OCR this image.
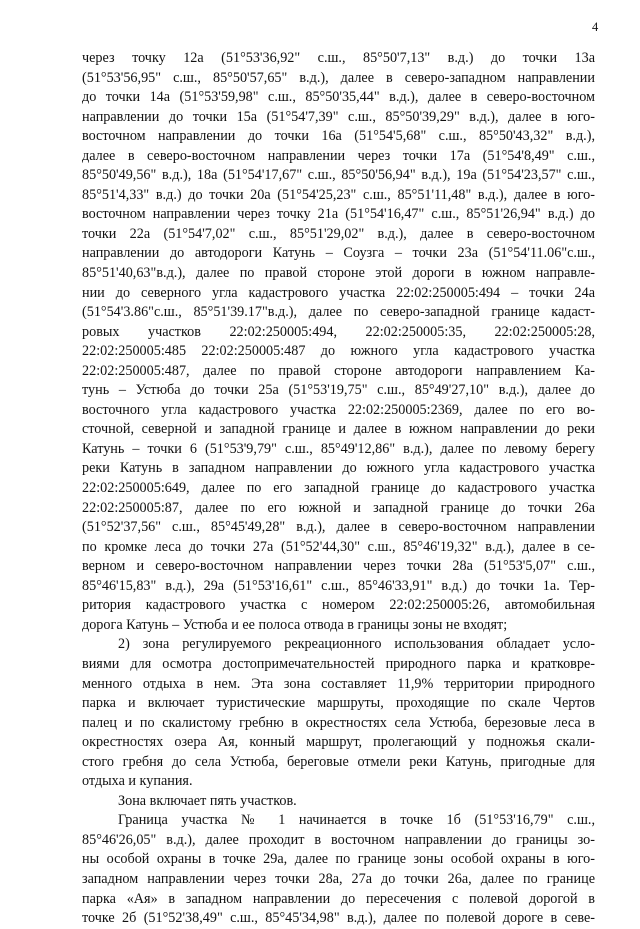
4

через точку 12а (51°53'36,92" с.ш., 85°50'7,13" в.д.) до точки 13а
(51°53'56,95" с.ш., 85°50'57,65" в.д.), далее в северо-западном направлении
до точки 14а (51°53'59,98" с.ш., 85°50'35,44" в.д.), далее в северо-восточном
направлении до точки 15а (51°54'7,39" с.ш., 85°50'39,29" в.д.), далее в юго-
восточном направлении до точки 16а (51°54'5,68" с.ш., 85°50'43,32" в.д.),
далее в северо-восточном направлении через точки 17а (51°54'8,49" с.ш.,
85°50'49,56" в.д.), 18а (51°54'17,67" с.ш., 85°50'56,94" в.д.), 19а (51°54'23,57" с.ш.,
85°51'4,33" в.д.) до точки 20а (51°54'25,23" с.ш., 85°51'11,48" в.д.), далее в юго-
восточном направлении через точку 21а (51°54'16,47" с.ш., 85°51'26,94" в.д.) до
точки 22а (51°54'7,02" с.ш., 85°51'29,02" в.д.), далее в северо-восточном
направлении до автодороги Катунь – Соузга – точки 23а (51°54'11.06"с.ш.,
85°51'40,63"в.д.), далее по правой стороне этой дороги в южном направле-
нии до северного угла кадастрового участка 22:02:250005:494 – точки 24а
(51°54'3.86"с.ш., 85°51'39.17"в.д.), далее по северо-западной границе кадаст-
ровых участков 22:02:250005:494, 22:02:250005:35, 22:02:250005:28,
22:02:250005:485 22:02:250005:487 до южного угла кадастрового участка
22:02:250005:487, далее по правой стороне автодороги направлением Ка-
тунь – Устюба до точки 25а (51°53'19,75" с.ш., 85°49'27,10" в.д.), далее до
восточного угла кадастрового участка 22:02:250005:2369, далее по его во-
сточной, северной и западной границе и далее в южном направлении до реки
Катунь – точки 6 (51°53'9,79" с.ш., 85°49'12,86" в.д.), далее по левому берегу
реки Катунь в западном направлении до южного угла кадастрового участка
22:02:250005:649, далее по его западной границе до кадастрового участка
22:02:250005:87, далее по его южной и западной границе до точки 26а
(51°52'37,56" с.ш., 85°45'49,28" в.д.), далее в северо-восточном направлении
по кромке леса до точки 27а (51°52'44,30" с.ш., 85°46'19,32" в.д.), далее в се-
верном и северо-восточном направлении через точки 28а (51°53'5,07" с.ш.,
85°46'15,83" в.д.), 29а (51°53'16,61" с.ш., 85°46'33,91" в.д.) до точки 1а. Тер-
ритория кадастрового участка с номером 22:02:250005:26, автомобильная
дорога Катунь – Устюба и ее полоса отвода в границы зоны не входят;
2) зона регулируемого рекреационного использования обладает усло-
виями для осмотра достопримечательностей природного парка и кратковре-
менного отдыха в нем. Эта зона составляет 11,9% территории природного
парка и включает туристические маршруты, проходящие по скале Чертов
палец и по скалистому гребню в окрестностях села Устюба, березовые леса в
окрестностях озера Ая, конный маршрут, пролегающий у подножья скали-
стого гребня до села Устюба, береговые отмели реки Катунь, пригодные для
отдыха и купания.
Зона включает пять участков.
Граница участка № 1 начинается в точке 1б (51°53'16,79" с.ш.,
85°46'26,05" в.д.), далее проходит в восточном направлении до границы зо-
ны особой охраны в точке 29а, далее по границе зоны особой охраны в юго-
западном направлении через точки 28а, 27а до точки 26а, далее по границе
парка «Ая» в западном направлении до пересечения с полевой дорогой в
точке 2б (51°52'38,49" с.ш., 85°45'34,98" в.д.), далее по полевой дороге в севе-
